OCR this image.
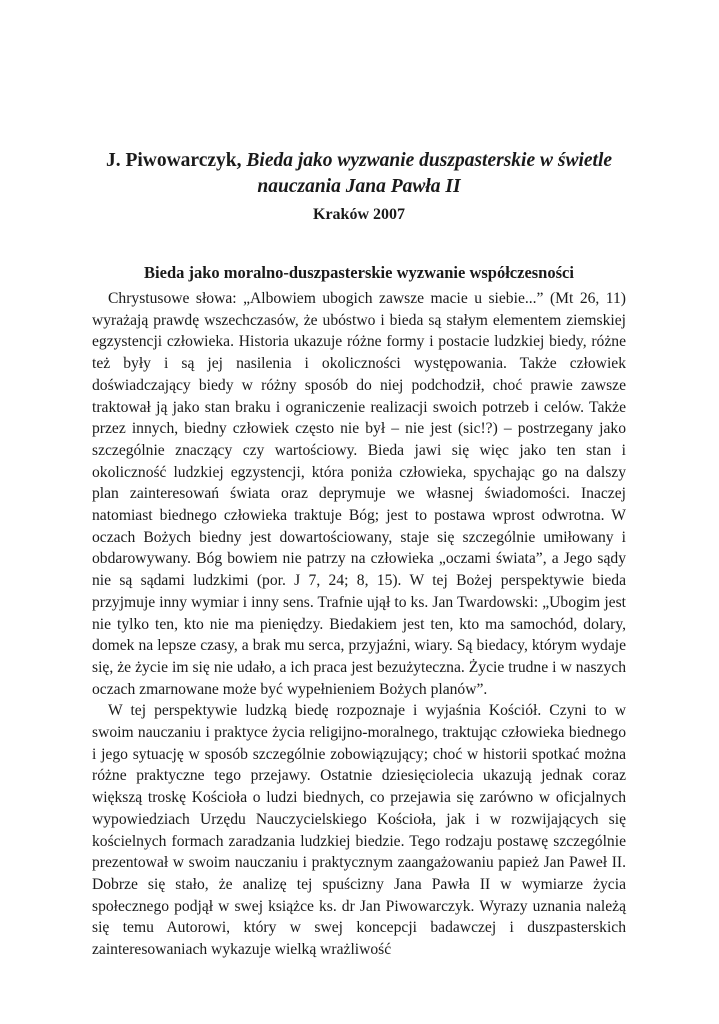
J. Piwowarczyk, Bieda jako wyzwanie duszpasterskie w świetle nauczania Jana Pawła II
Kraków 2007
Bieda jako moralno-duszpasterskie wyzwanie współczesności

Chrystusowe słowa: „Albowiem ubogich zawsze macie u siebie...” (Mt 26, 11) wyrażają prawdę wszechczasów, że ubóstwo i bieda są stałym elementem ziemskiej egzystencji człowieka. Historia ukazuje różne formy i postacie ludzkiej biedy, różne też były i są jej nasilenia i okoliczności występowania. Także człowiek doświadczający biedy w różny sposób do niej podchodził, choć prawie zawsze traktował ją jako stan braku i ograniczenie realizacji swoich potrzeb i celów. Także przez innych, biedny człowiek często nie był – nie jest (sic!?) – postrzegany jako szczególnie znaczący czy wartościowy. Bieda jawi się więc jako ten stan i okoliczność ludzkiej egzystencji, która poniża człowieka, spychając go na dalszy plan zainteresowań świata oraz deprymuje we własnej świadomości. Inaczej natomiast biednego człowieka traktuje Bóg; jest to postawa wprost odwrotna. W oczach Bożych biedny jest dowartościowany, staje się szczególnie umiłowany i obdarowywany. Bóg bowiem nie patrzy na człowieka „oczami świata”, a Jego sądy nie są sądami ludzkimi (por. J 7, 24; 8, 15). W tej Bożej perspektywie bieda przyjmuje inny wymiar i inny sens. Trafnie ujął to ks. Jan Twardowski: „Ubogim jest nie tylko ten, kto nie ma pieniędzy. Biedakiem jest ten, kto ma samochód, dolary, domek na lepsze czasy, a brak mu serca, przyjaźni, wiary. Są biedacy, którym wydaje się, że życie im się nie udało, a ich praca jest bezużyteczna. Życie trudne i w naszych oczach zmarnowane może być wypełnieniem Bożych planów”.

W tej perspektywie ludzką biedę rozpoznaje i wyjaśnia Kościół. Czyni to w swoim nauczaniu i praktyce życia religijno-moralnego, traktując człowieka biednego i jego sytuację w sposób szczególnie zobowiązujący; choć w historii spotkać można różne praktyczne tego przejawy. Ostatnie dziesięciolecia ukazują jednak coraz większą troskę Kościoła o ludzi biednych, co przejawia się zarówno w oficjalnych wypowiedziach Urzędu Nauczycielskiego Kościoła, jak i w rozwijających się kościelnych formach zaradzania ludzkiej biedzie. Tego rodzaju postawę szczególnie prezentował w swoim nauczaniu i praktycznym zaangażowaniu papież Jan Paweł II. Dobrze się stało, że analizę tej spuścizny Jana Pawła II w wymiarze życia społecznego podjął w swej książce ks. dr Jan Piwowarczyk. Wyrazy uznania należą się temu Autorowi, który w swej koncepcji badawczej i duszpasterskich zainteresowaniach wykazuje wielką wrażliwość
